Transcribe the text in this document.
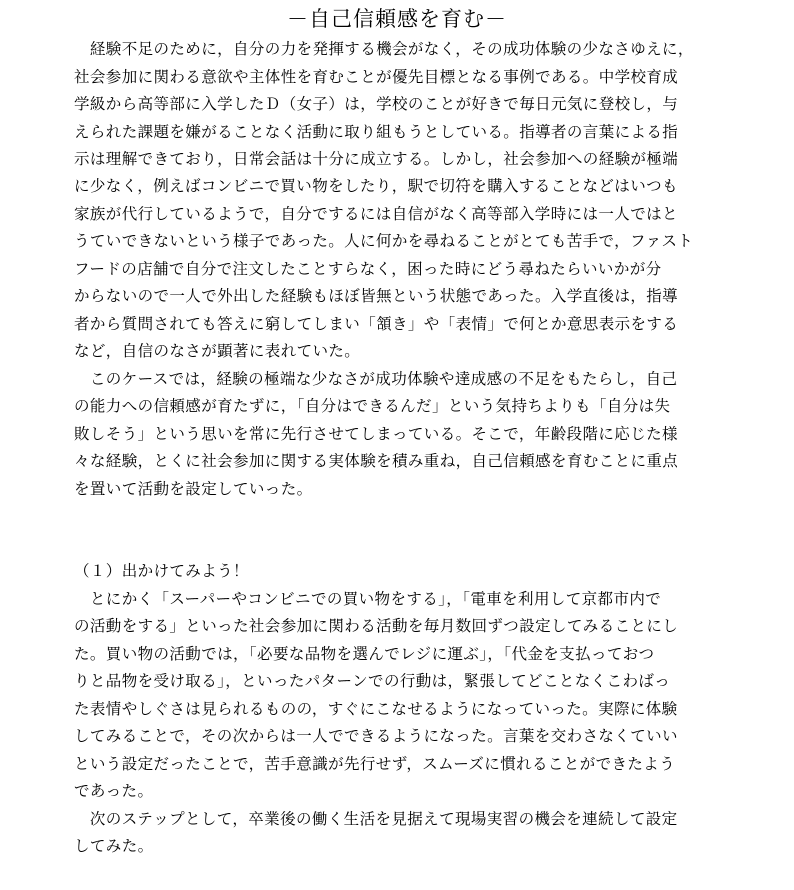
－自己信頼感を育む－
　経験不足のために，自分の力を発揮する機会がなく，その成功体験の少なさゆえに，
社会参加に関わる意欲や主体性を育むことが優先目標となる事例である。中学校育成
学級から高等部に入学したＤ（女子）は，学校のことが好きで毎日元気に登校し，与
えられた課題を嫌がることなく活動に取り組もうとしている。指導者の言葉による指
示は理解できており，日常会話は十分に成立する。しかし，社会参加への経験が極端
に少なく，例えばコンビニで買い物をしたり，駅で切符を購入することなどはいつも
家族が代行しているようで，自分でするには自信がなく高等部入学時には一人ではと
うていできないという様子であった。人に何かを尋ねることがとても苦手で，ファスト
フードの店舗で自分で注文したことすらなく，困った時にどう尋ねたらいいかが分
からないので一人で外出した経験もほぼ皆無という状態であった。入学直後は，指導
者から質問されても答えに窮してしまい「頷き」や「表情」で何とか意思表示をする
など，自信のなさが顕著に表れていた。
　このケースでは，経験の極端な少なさが成功体験や達成感の不足をもたらし，自己
の能力への信頼感が育たずに，「自分はできるんだ」という気持ちよりも「自分は失
敗しそう」という思いを常に先行させてしまっている。そこで，年齢段階に応じた様
々な経験，とくに社会参加に関する実体験を積み重ね，自己信頼感を育むことに重点
を置いて活動を設定していった。
（１）出かけてみよう！
　とにかく「スーパーやコンビニでの買い物をする」，「電車を利用して京都市内で
の活動をする」といった社会参加に関わる活動を毎月数回ずつ設定してみることにし
た。買い物の活動では，「必要な品物を選んでレジに運ぶ」，「代金を支払っておつ
りと品物を受け取る」，といったパターンでの行動は，緊張してどことなくこわばっ
た表情やしぐさは見られるものの，すぐにこなせるようになっていった。実際に体験
してみることで，その次からは一人でできるようになった。言葉を交わさなくていい
という設定だったことで，苦手意識が先行せず，スムーズに慣れることができたよう
であった。
　次のステップとして，卒業後の働く生活を見据えて現場実習の機会を連続して設定
してみた。
